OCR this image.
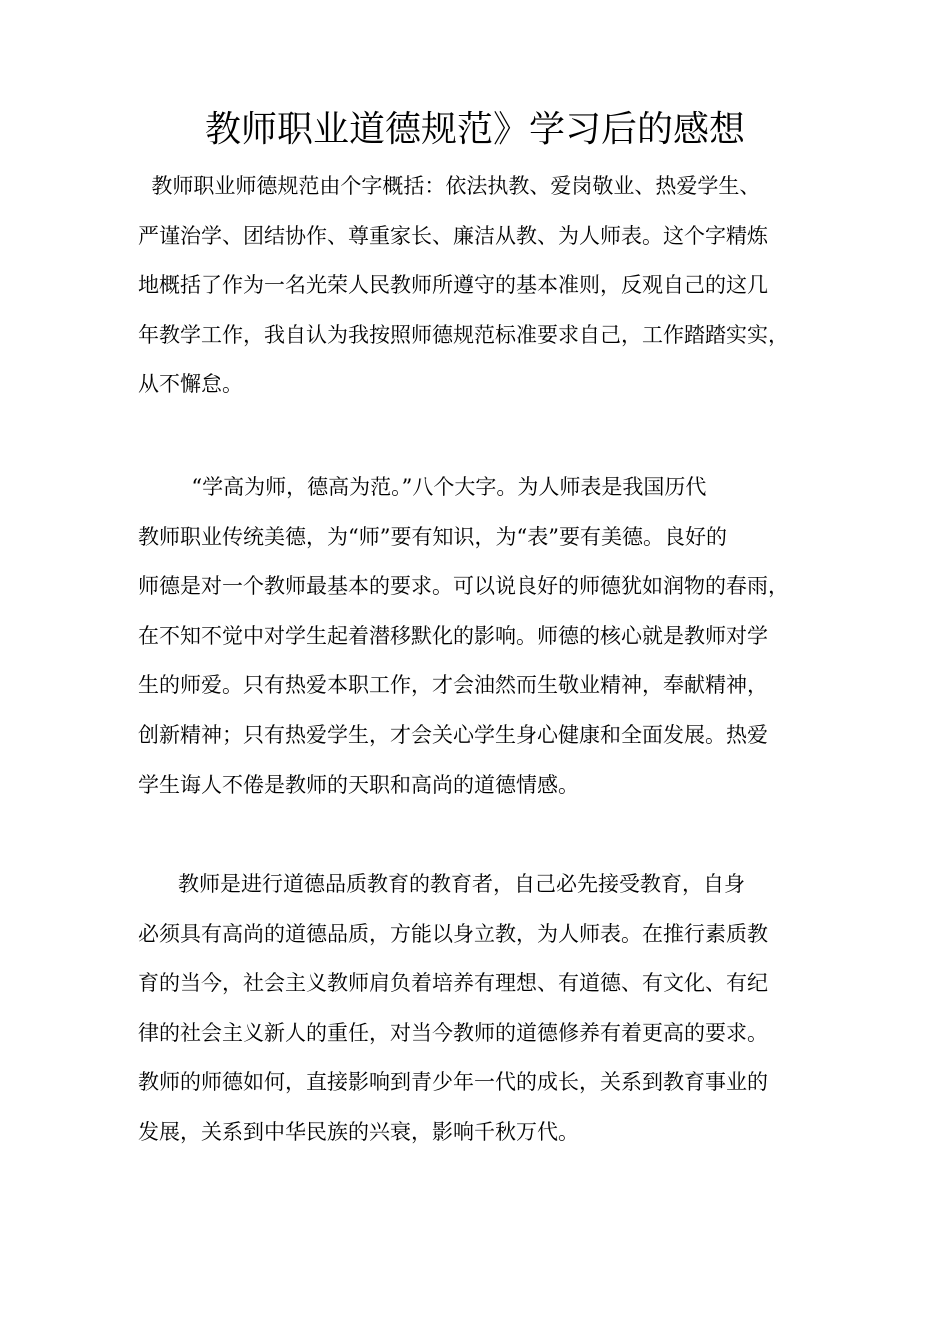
教师职业道德规范》学习后的感想

教师职业师德规范由个字概括：依法执教、爱岗敬业、热爱学生、
严谨治学、团结协作、尊重家长、廉洁从教、为人师表。这个字精炼
地概括了作为一名光荣人民教师所遵守的基本准则，反观自己的这几
年教学工作，我自认为我按照师德规范标准要求自己，工作踏踏实实，
从不懈怠。

“学高为师，德高为范。”八个大字。为人师表是我国历代
教师职业传统美德，为“师”要有知识，为“表”要有美德。良好的
师德是对一个教师最基本的要求。可以说良好的师德犹如润物的春雨，
在不知不觉中对学生起着潜移默化的影响。师德的核心就是教师对学
生的师爱。只有热爱本职工作，才会油然而生敬业精神，奉献精神，
创新精神；只有热爱学生，才会关心学生身心健康和全面发展。热爱
学生诲人不倦是教师的天职和高尚的道德情感。

教师是进行道德品质教育的教育者，自己必先接受教育，自身
必须具有高尚的道德品质，方能以身立教，为人师表。在推行素质教
育的当今，社会主义教师肩负着培养有理想、有道德、有文化、有纪
律的社会主义新人的重任，对当今教师的道德修养有着更高的要求。
教师的师德如何，直接影响到青少年一代的成长，关系到教育事业的
发展，关系到中华民族的兴衰，影响千秋万代。
